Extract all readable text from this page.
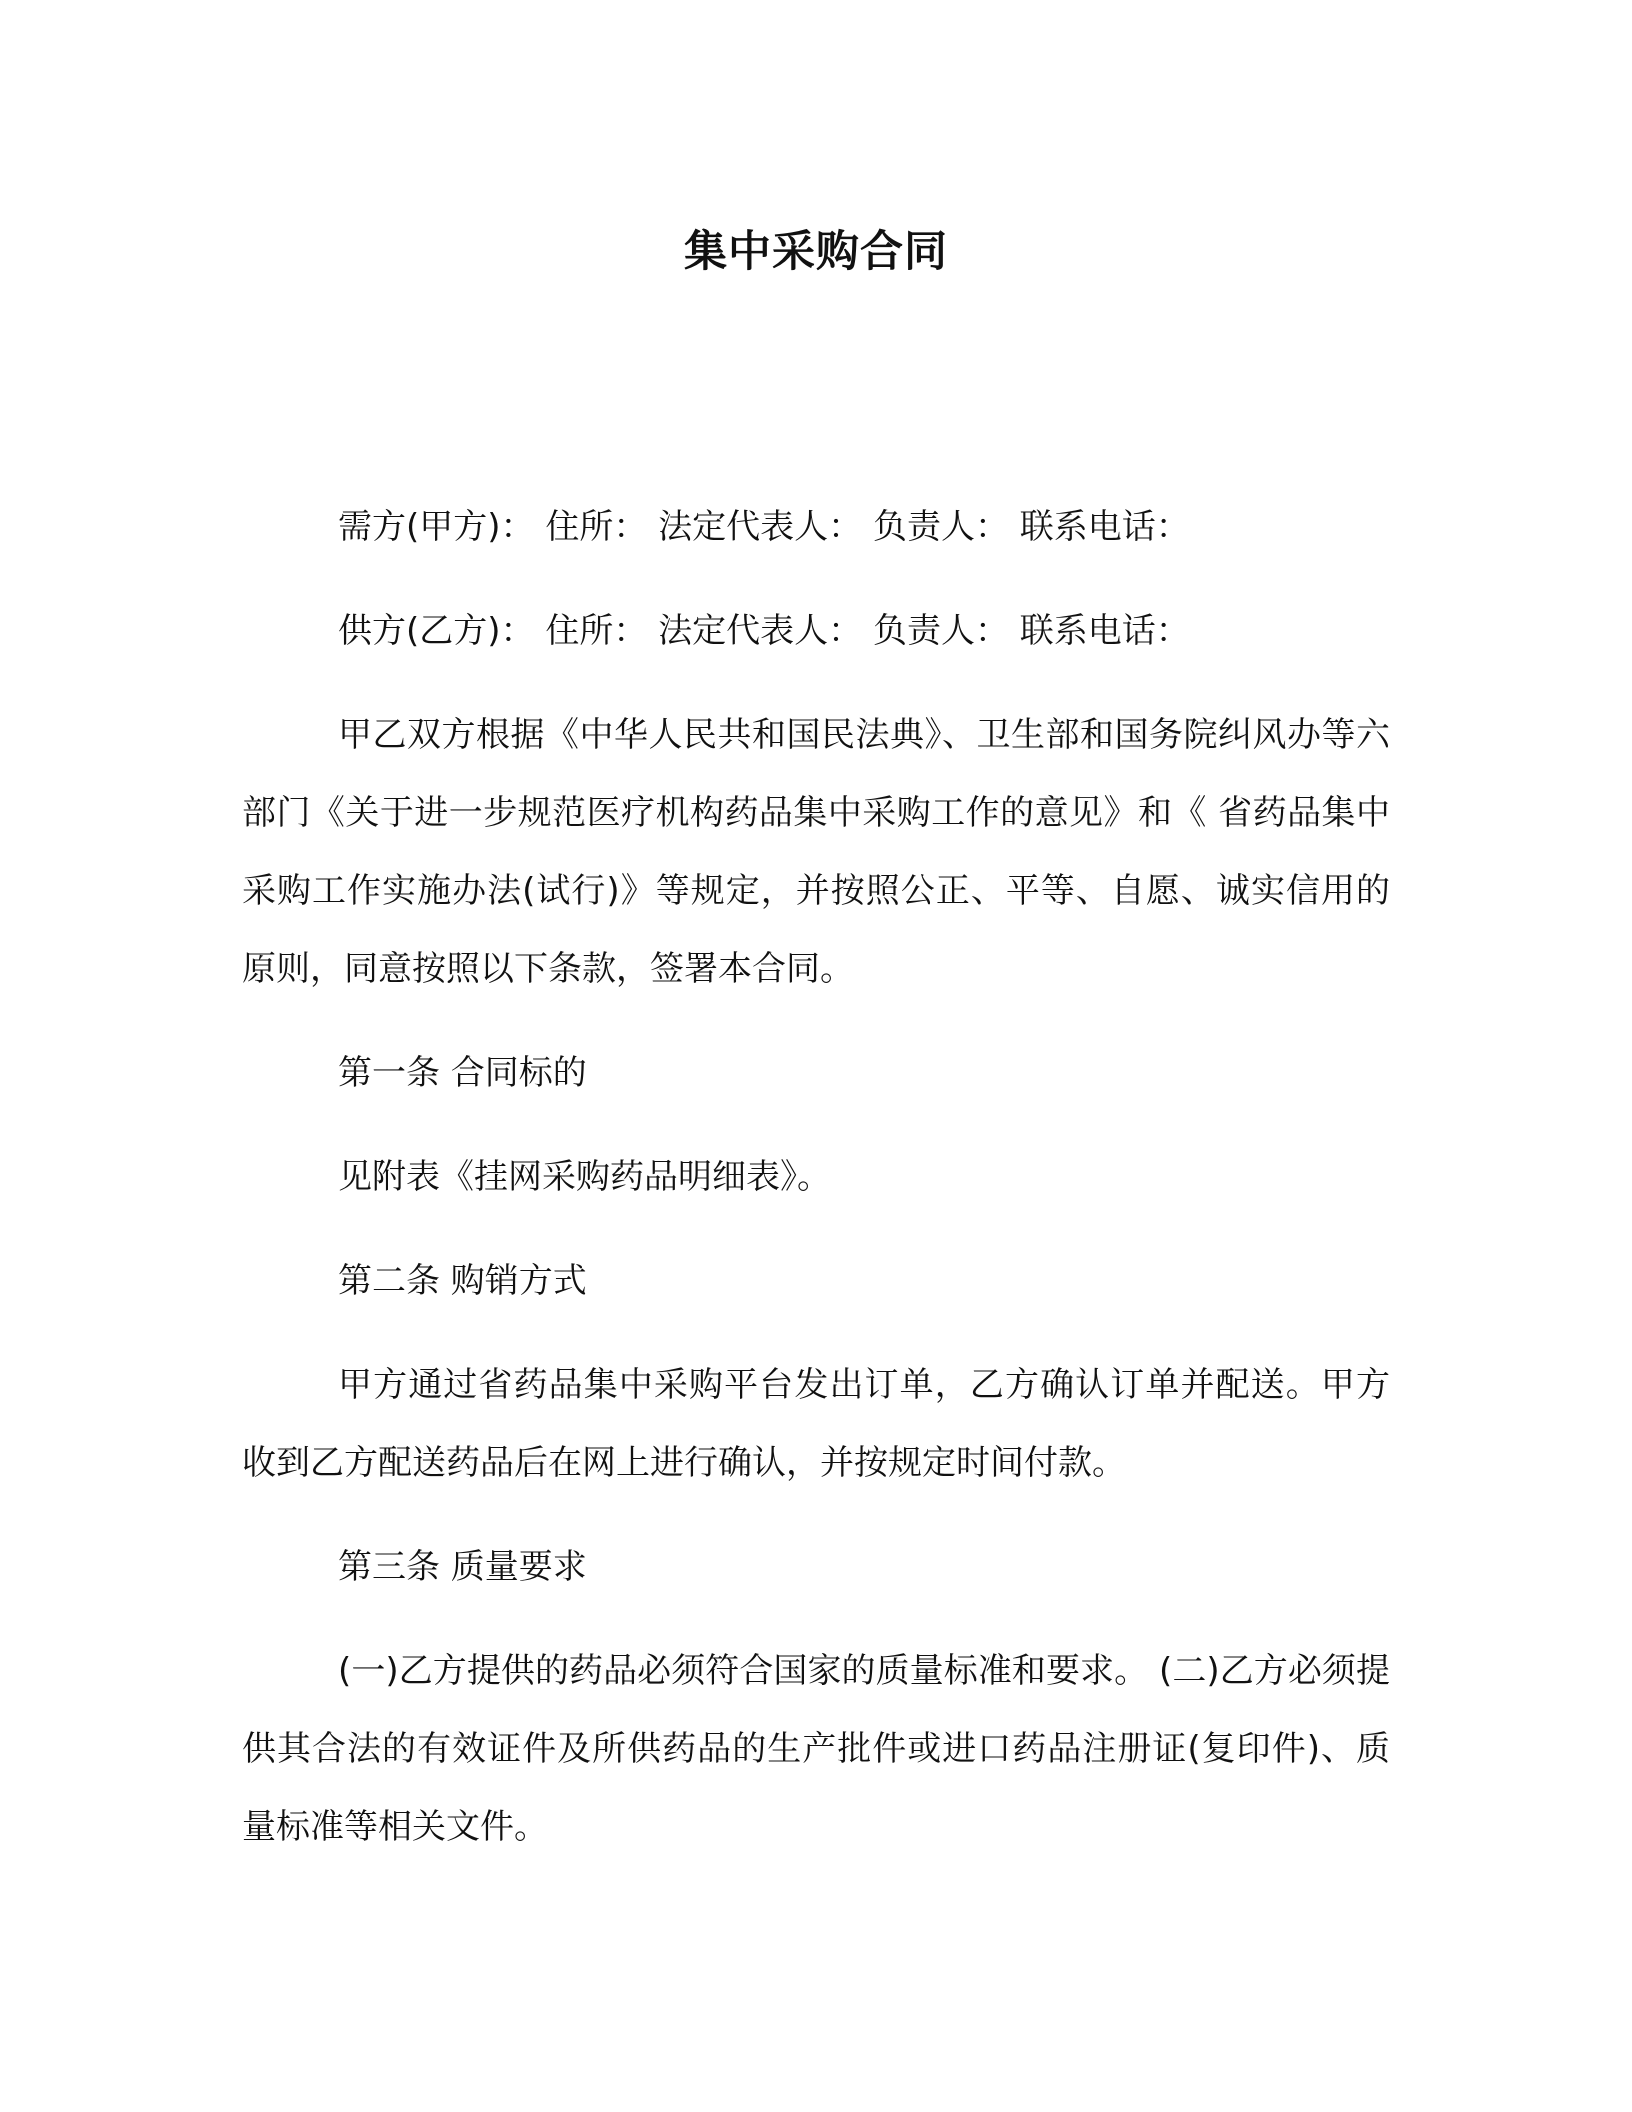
集中采购合同

需方(甲方)： 住所： 法定代表人： 负责人： 联系电话：

供方(乙方)： 住所： 法定代表人： 负责人： 联系电话：

甲乙双方根据《中华人民共和国民法典》、卫生部和国务院纠风办等六部门《关于进一步规范医疗机构药品集中采购工作的意见》和《 省药品集中采购工作实施办法(试行)》等规定，并按照公正、平等、自愿、诚实信用的原则，同意按照以下条款，签署本合同。

第一条 合同标的

见附表《挂网采购药品明细表》。

第二条 购销方式

甲方通过省药品集中采购平台发出订单，乙方确认订单并配送。甲方收到乙方配送药品后在网上进行确认，并按规定时间付款。

第三条 质量要求

(一)乙方提供的药品必须符合国家的质量标准和要求。 (二)乙方必须提供其合法的有效证件及所供药品的生产批件或进口药品注册证(复印件)、质量标准等相关文件。
